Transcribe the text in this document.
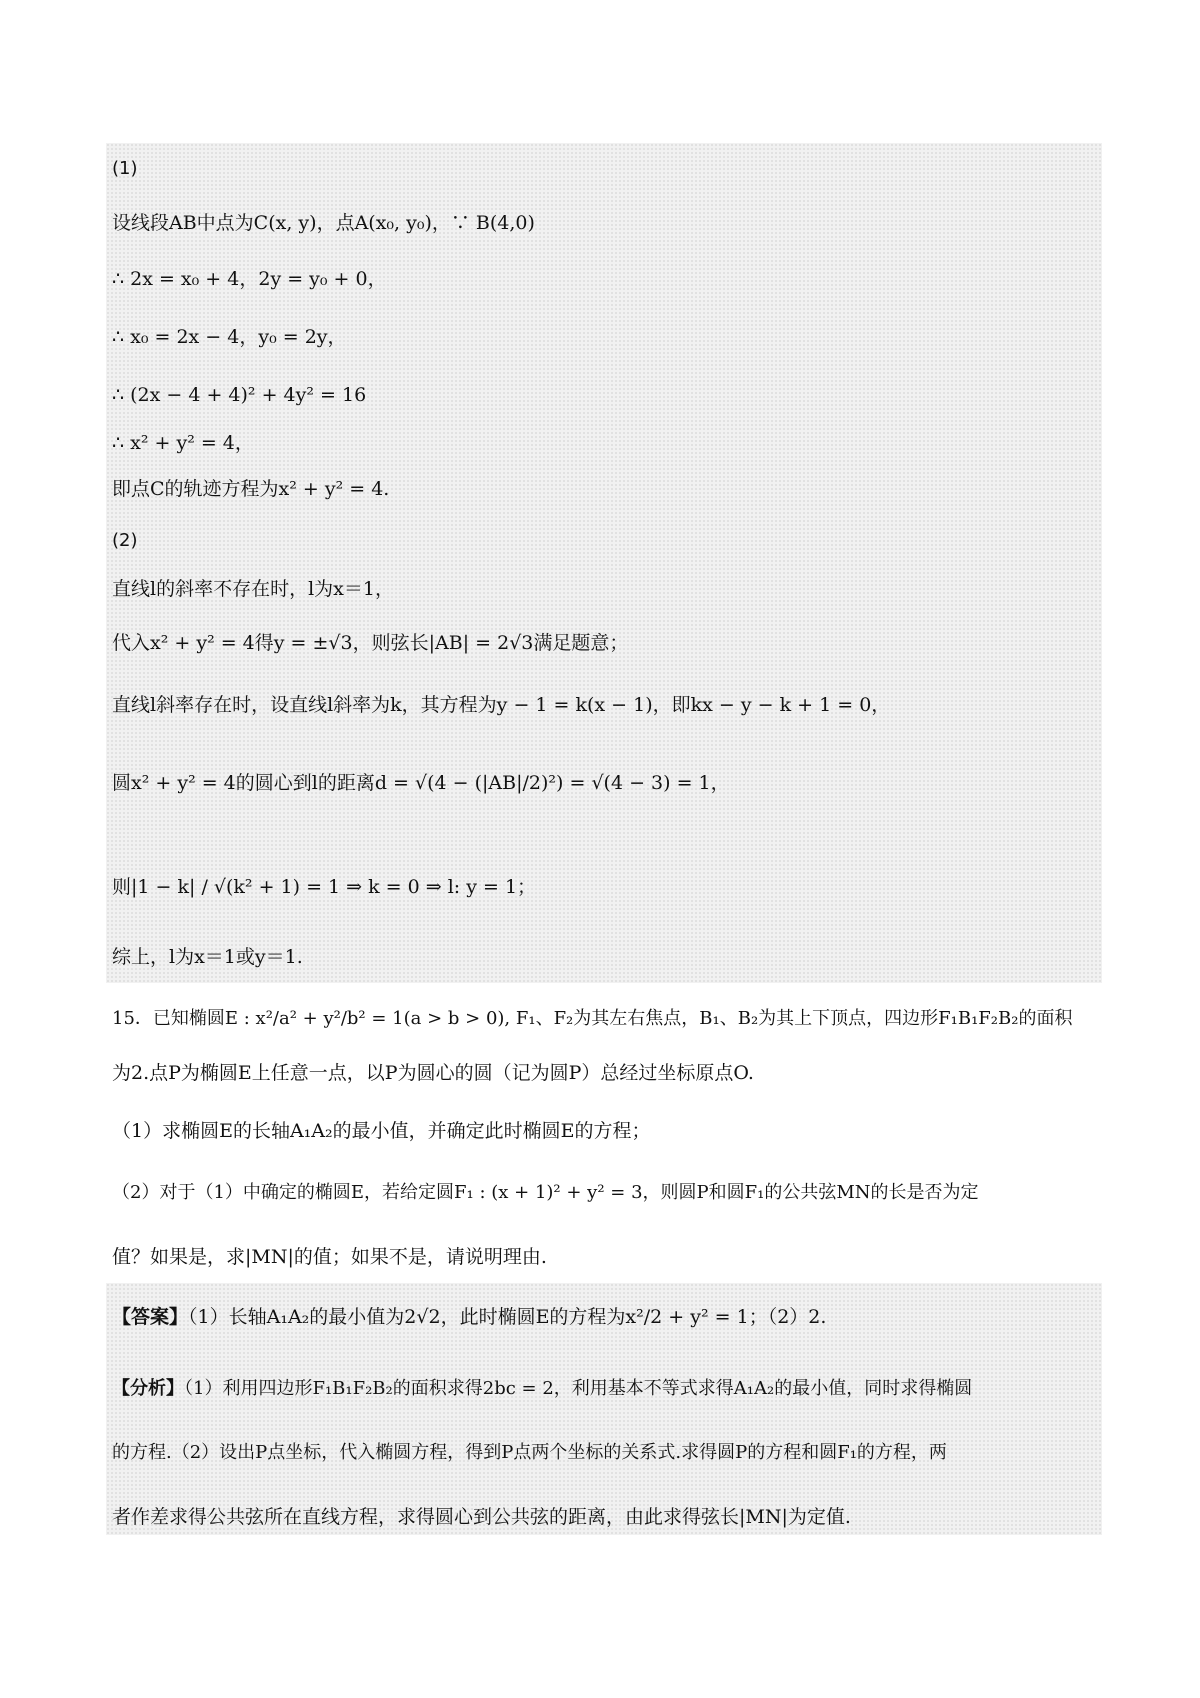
(1)
设线段AB中点为C(x, y)，点A(x₀, y₀)，∵ B(4,0)
∴ 2x = x₀ + 4，2y = y₀ + 0，
∴ x₀ = 2x − 4，y₀ = 2y，
∴ (2x − 4 + 4)² + 4y² = 16
∴ x² + y² = 4，
即点C的轨迹方程为x² + y² = 4.
(2)
直线l的斜率不存在时，l为x＝1，
代入x² + y² = 4得y = ±√3，则弦长|AB| = 2√3满足题意；
直线l斜率存在时，设直线l斜率为k，其方程为y − 1 = k(x − 1)，即kx − y − k + 1 = 0，
圆x² + y² = 4的圆心到l的距离d = √(4 − (|AB|/2)²) = √(4 − 3) = 1，
则|1 − k| / √(k² + 1) = 1 ⇒ k = 0 ⇒ l: y = 1；
综上，l为x＝1或y＝1.
15．已知椭圆E : x²/a² + y²/b² = 1(a > b > 0), F₁、F₂为其左右焦点，B₁、B₂为其上下顶点，四边形F₁B₁F₂B₂的面积
为2.点P为椭圆E上任意一点，以P为圆心的圆（记为圆P）总经过坐标原点O.
（1）求椭圆E的长轴A₁A₂的最小值，并确定此时椭圆E的方程；
（2）对于（1）中确定的椭圆E，若给定圆F₁ : (x + 1)² + y² = 3，则圆P和圆F₁的公共弦MN的长是否为定
值？如果是，求|MN|的值；如果不是，请说明理由.
【答案】（1）长轴A₁A₂的最小值为2√2，此时椭圆E的方程为x²/2 + y² = 1；（2）2.
【分析】（1）利用四边形F₁B₁F₂B₂的面积求得2bc = 2，利用基本不等式求得A₁A₂的最小值，同时求得椭圆
的方程.（2）设出P点坐标，代入椭圆方程，得到P点两个坐标的关系式.求得圆P的方程和圆F₁的方程，两
者作差求得公共弦所在直线方程，求得圆心到公共弦的距离，由此求得弦长|MN|为定值.
